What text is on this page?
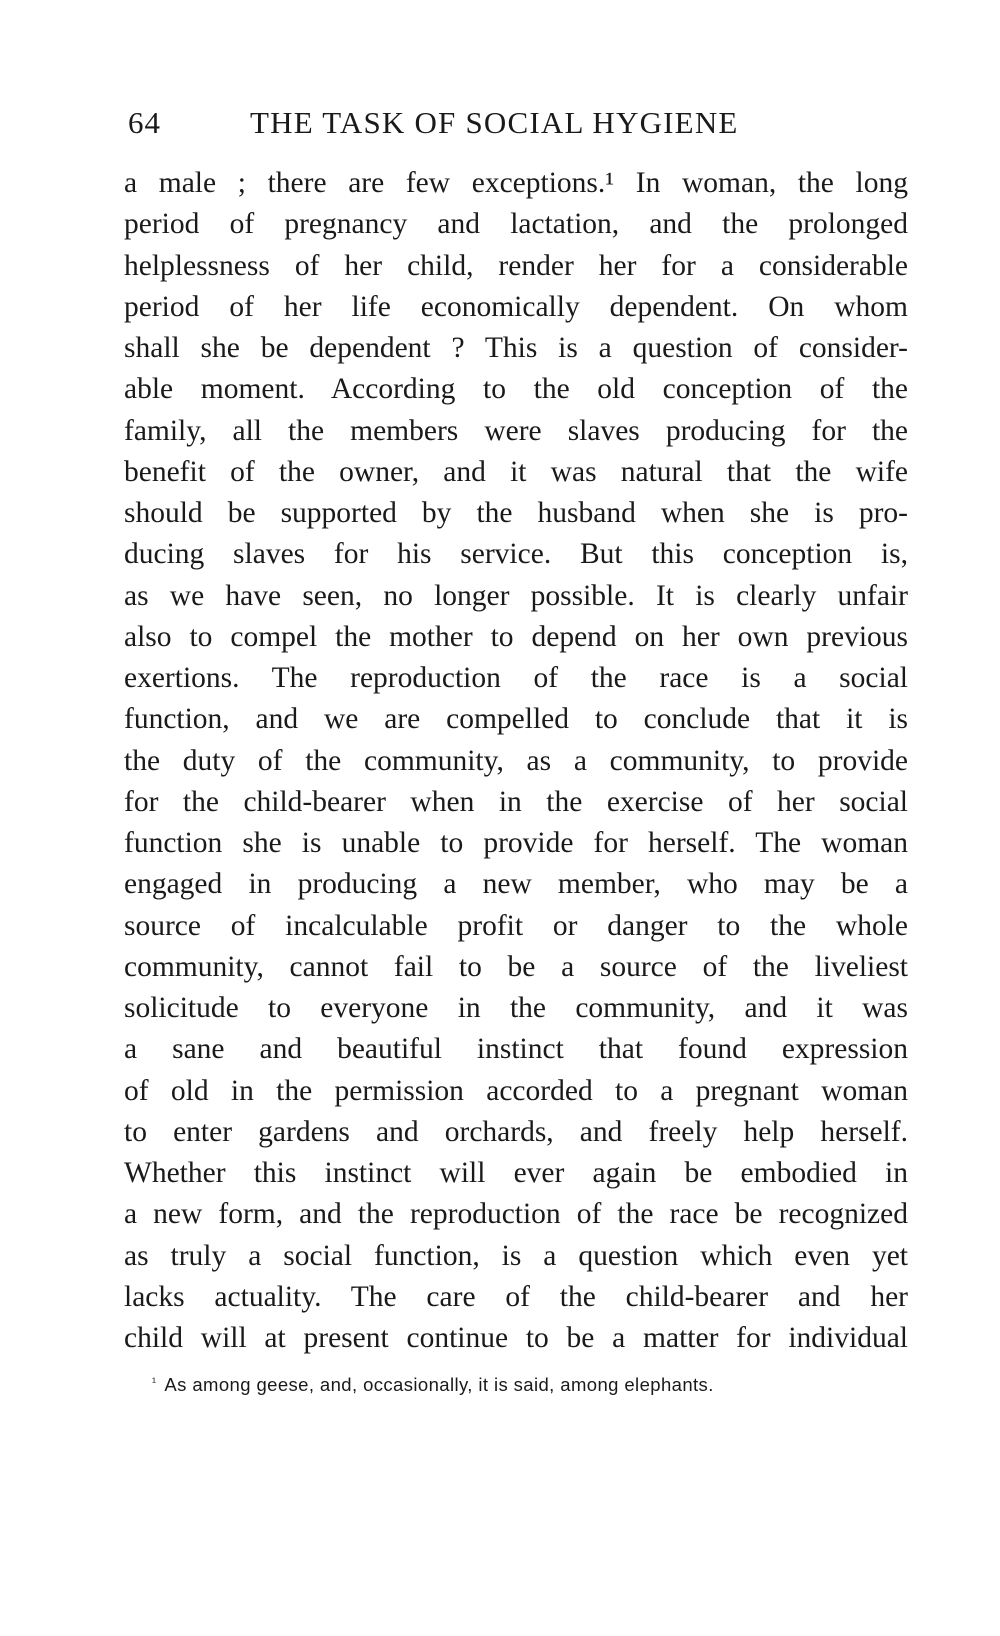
64	THE TASK OF SOCIAL HYGIENE
a male ; there are few exceptions.¹ In woman, the long
period of pregnancy and lactation, and the prolonged
helplessness of her child, render her for a considerable
period of her life economically dependent. On whom
shall she be dependent ? This is a question of consider-
able moment. According to the old conception of the
family, all the members were slaves producing for the
benefit of the owner, and it was natural that the wife
should be supported by the husband when she is pro-
ducing slaves for his service. But this conception is,
as we have seen, no longer possible. It is clearly unfair
also to compel the mother to depend on her own previous
exertions. The reproduction of the race is a social
function, and we are compelled to conclude that it is
the duty of the community, as a community, to provide
for the child-bearer when in the exercise of her social
function she is unable to provide for herself. The woman
engaged in producing a new member, who may be a
source of incalculable profit or danger to the whole
community, cannot fail to be a source of the liveliest
solicitude to everyone in the community, and it was
a sane and beautiful instinct that found expression
of old in the permission accorded to a pregnant woman
to enter gardens and orchards, and freely help herself.
Whether this instinct will ever again be embodied in
a new form, and the reproduction of the race be recognized
as truly a social function, is a question which even yet
lacks actuality. The care of the child-bearer and her
child will at present continue to be a matter for individual
$^{^1}$ As among geese, and, occasionally, it is said, among elephants.
